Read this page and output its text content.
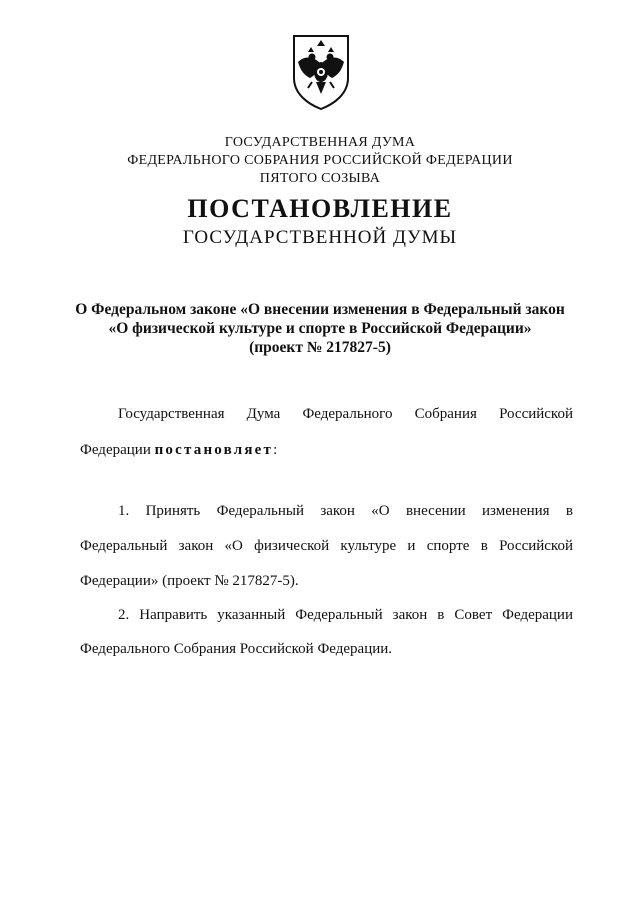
ГОСУДАРСТВЕННАЯ ДУМА
ФЕДЕРАЛЬНОГО СОБРАНИЯ РОССИЙСКОЙ ФЕДЕРАЦИИ
ПЯТОГО СОЗЫВА
ПОСТАНОВЛЕНИЕ
ГОСУДАРСТВЕННОЙ ДУМЫ
О Федеральном законе «О внесении изменения в Федеральный закон
«О физической культуре и спорте в Российской Федерации»
(проект № 217827-5)
Государственная Дума Федерального Собрания Российской
Федерации постановляет:
1. Принять Федеральный закон «О внесении изменения в
Федеральный закон «О физической культуре и спорте в Российской
Федерации» (проект № 217827-5).
2. Направить указанный Федеральный закон в Совет Федерации
Федерального Собрания Российской Федерации.
